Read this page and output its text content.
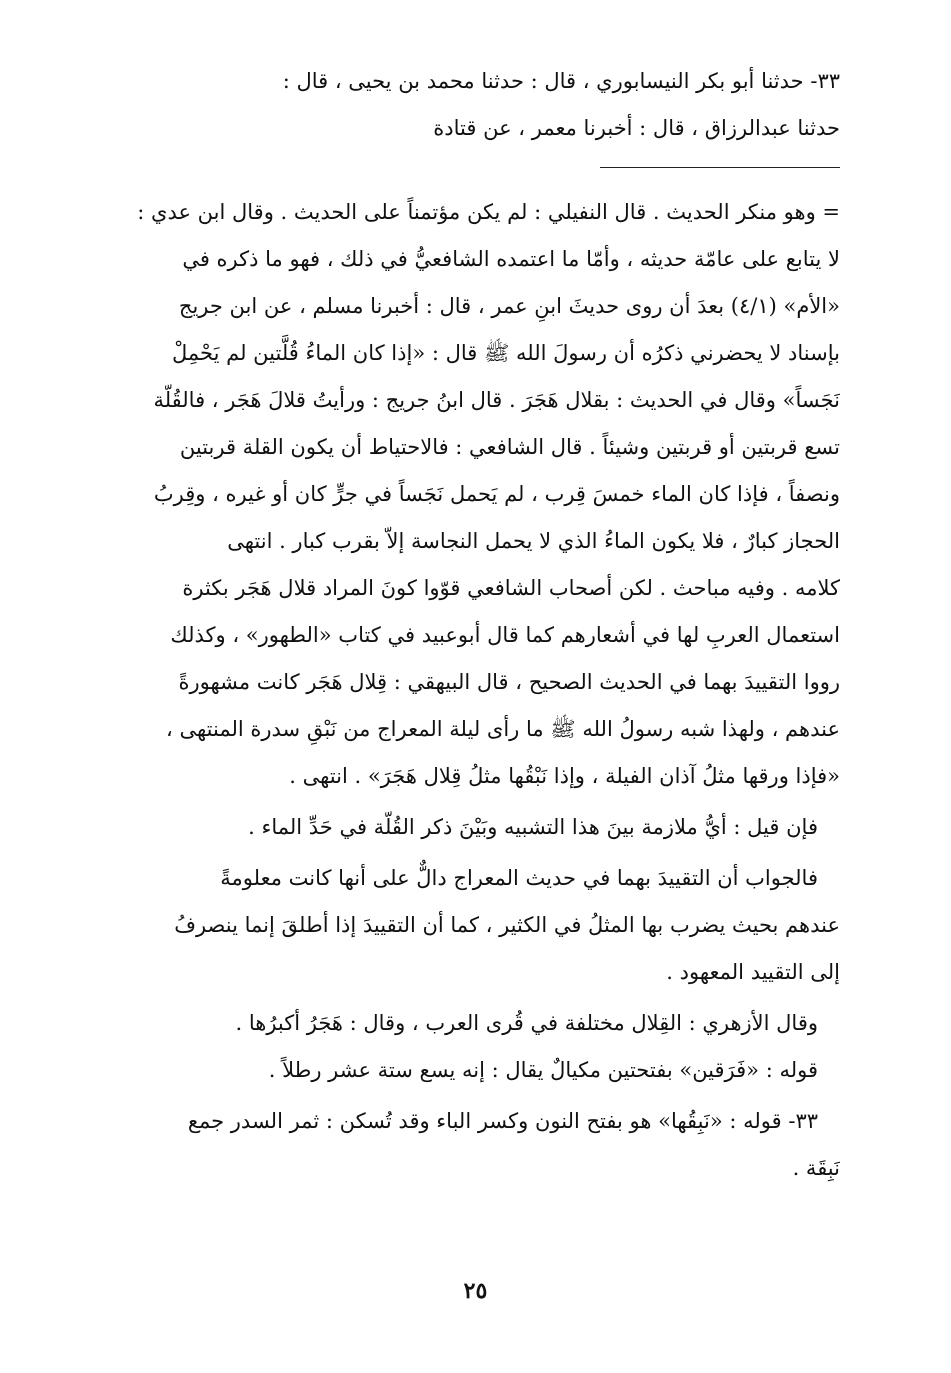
٣٣- حدثنا أبو بكر النيسابوري ، قال : حدثنا محمد بن يحيى ، قال :
حدثنا عبدالرزاق ، قال : أخبرنا معمر ، عن قتادة
= وهو منكر الحديث . قال النفيلي : لم يكن مؤتمناً على الحديث . وقال ابن عدي :
لا يتابع على عامّة حديثه ، وأمّا ما اعتمده الشافعيُّ في ذلك ، فهو ما ذكره في
«الأم» (٤/١) بعدَ أن روى حديثَ ابنِ عمر ، قال : أخبرنا مسلم ، عن ابن جريج
بإسناد لا يحضرني ذكرُه أن رسولَ الله ﷺ قال : «إذا كان الماءُ قُلَّتين لم يَحْمِلْ
نَجَساً» وقال في الحديث : بقلال هَجَرَ . قال ابنُ جريج : ورأيتُ قلالَ هَجَر ، فالقُلّة
تسع قربتين أو قربتين وشيئاً . قال الشافعي : فالاحتياط أن يكون القلة قربتين
ونصفاً ، فإذا كان الماء خمسَ قِرب ، لم يَحمل نَجَساً في جرٍّ كان أو غيره ، وقِربُ
الحجاز كبارٌ ، فلا يكون الماءُ الذي لا يحمل النجاسة إلاّ بقرب كبار . انتهى
كلامه . وفيه مباحث . لكن أصحاب الشافعي قوّوا كونَ المراد قلال هَجَر بكثرة
استعمال العربِ لها في أشعارهم كما قال أبوعبيد في كتاب «الطهور» ، وكذلك
رووا التقييدَ بهما في الحديث الصحيح ، قال البيهقي : قِلال هَجَر كانت مشهورةً
عندهم ، ولهذا شبه رسولُ الله ﷺ ما رأى ليلة المعراج من نَبْقِ سدرة المنتهى ،
«فإذا ورقها مثلُ آذان الفيلة ، وإذا نَبْقُها مثلُ قِلال هَجَرَ» . انتهى .
فإن قيل : أيُّ ملازمة بينَ هذا التشبيه وبَيْنَ ذكر القُلّة في حَدِّ الماء .
فالجواب أن التقييدَ بهما في حديث المعراج دالٌّ على أنها كانت معلومةً
عندهم بحيث يضرب بها المثلُ في الكثير ، كما أن التقييدَ إذا أطلقَ إنما ينصرفُ
إلى التقييد المعهود .
وقال الأزهري : القِلال مختلفة في قُرى العرب ، وقال : هَجَرُ أكبرُها .
قوله : «فَرَقين» بفتحتين مكيالٌ يقال : إنه يسع ستة عشر رطلاً .
٣٣- قوله : «نَبِقُها» هو بفتح النون وكسر الباء وقد تُسكن : ثمر السدر جمع
نَبِقَة .
٢٥
